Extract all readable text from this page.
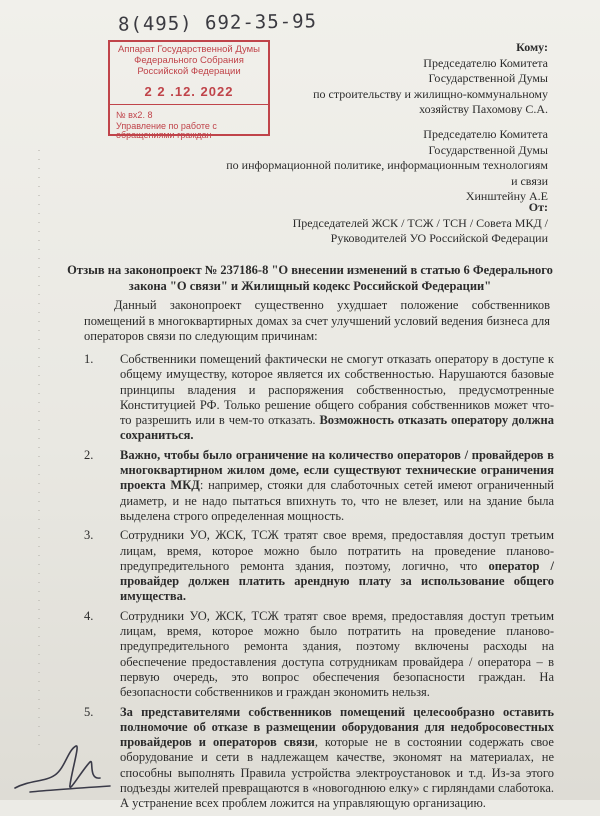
8(495) 692-35-95
Аппарат Государственной Думы Федерального Собрания Российской Федерации
2 2 .12. 2022
№ вх2. 8
Управление по работе с обращениями граждан
Кому:
Председателю Комитета
Государственной Думы
по строительству и жилищно-коммунальному
хозяйству Пахомову С.А.
Председателю Комитета
Государственной Думы
по информационной политике, информационным технологиям
и связи
Хинштейну А.Е
От:
Председателей ЖСК / ТСЖ / ТСН / Совета МКД /
Руководителей УО Российской Федерации
Отзыв на законопроект № 237186-8 "О внесении изменений в статью 6 Федерального закона "О связи" и Жилищный кодекс Российской Федерации"
Данный законопроект существенно ухудшает положение собственников помещений в многоквартирных домах за счет улучшений условий ведения бизнеса для операторов связи по следующим причинам:
1. Собственники помещений фактически не смогут отказать оператору в доступе к общему имуществу, которое является их собственностью. Нарушаются базовые принципы владения и распоряжения собственностью, предусмотренные Конституцией РФ. Только решение общего собрания собственников может что-то разрешить или в чем-то отказать. Возможность отказать оператору должна сохраниться.
2. Важно, чтобы было ограничение на количество операторов / провайдеров в многоквартирном жилом доме, если существуют технические ограничения проекта МКД: например, стояки для слаботочных сетей имеют ограниченный диаметр, и не надо пытаться впихнуть то, что не влезет, или на здание была выделена строго определенная мощность.
3. Сотрудники УО, ЖСК, ТСЖ тратят свое время, предоставляя доступ третьим лицам, время, которое можно было потратить на проведение планово-предупредительного ремонта здания, поэтому, логично, что оператор / провайдер должен платить арендную плату за использование общего имущества.
4. Сотрудники УО, ЖСК, ТСЖ тратят свое время, предоставляя доступ третьим лицам, время, которое можно было потратить на проведение планово-предупредительного ремонта здания, поэтому включены расходы на обеспечение предоставления доступа сотрудникам провайдера / оператора – в первую очередь, это вопрос обеспечения безопасности граждан. На безопасности собственников и граждан экономить нельзя.
5. За представителями собственников помещений целесообразно оставить полномочие об отказе в размещении оборудования для недобросовестных провайдеров и операторов связи, которые не в состоянии содержать свое оборудование и сети в надлежащем качестве, экономят на материалах, не способны выполнять Правила устройства электроустановок и т.д. Из-за этого подъезды жителей превращаются в «новогоднюю елку» с гирляндами слаботока. А устранение всех проблем ложится на управляющую организацию.
